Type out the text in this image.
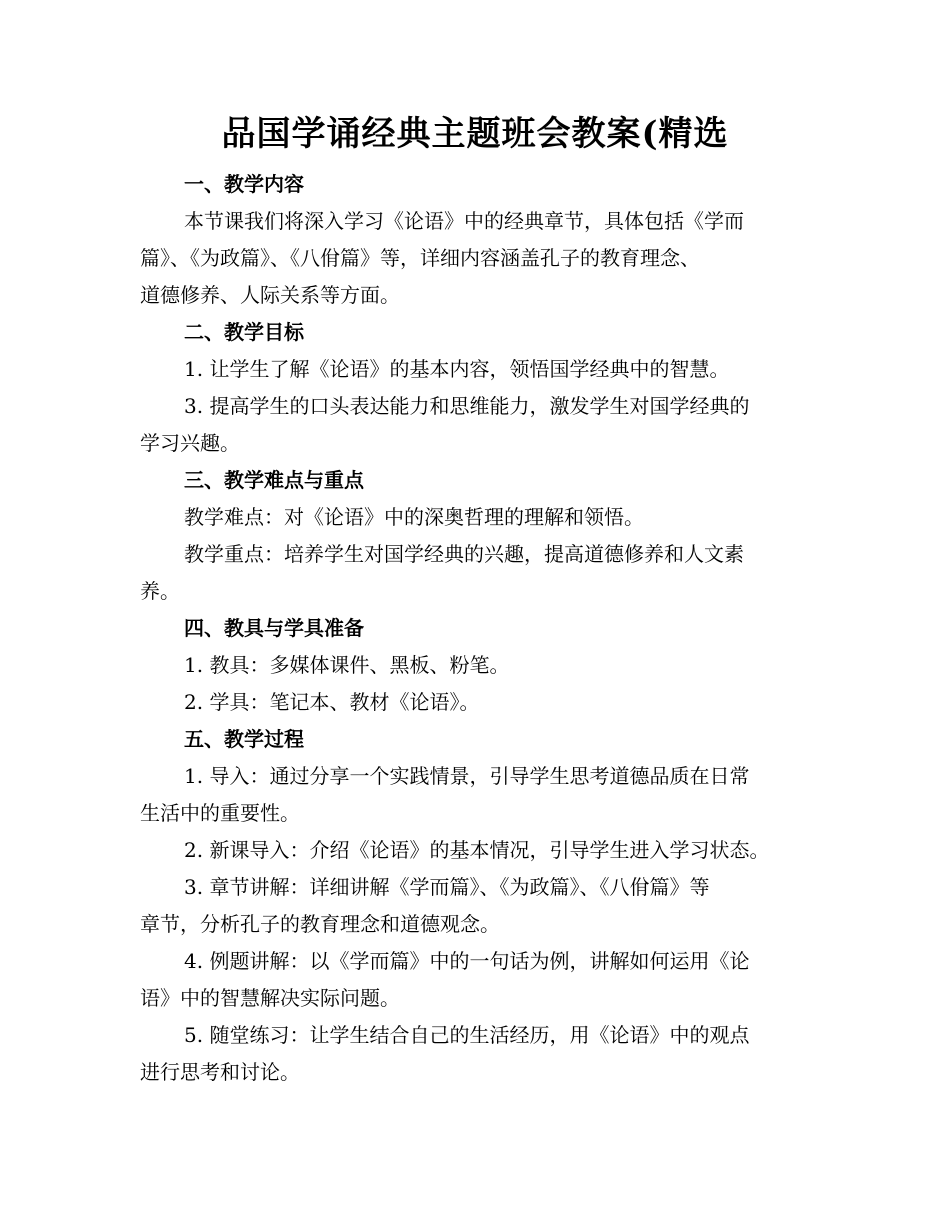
品国学诵经典主题班会教案(精选

一、教学内容

本节课我们将深入学习《论语》中的经典章节，具体包括《学而

篇》、《为政篇》、《八佾篇》等，详细内容涵盖孔子的教育理念、

道德修养、人际关系等方面。

二、教学目标

1. 让学生了解《论语》的基本内容，领悟国学经典中的智慧。

3. 提高学生的口头表达能力和思维能力，激发学生对国学经典的

学习兴趣。

三、教学难点与重点

教学难点：对《论语》中的深奥哲理的理解和领悟。

教学重点：培养学生对国学经典的兴趣，提高道德修养和人文素

养。

四、教具与学具准备

1. 教具：多媒体课件、黑板、粉笔。

2. 学具：笔记本、教材《论语》。

五、教学过程

1. 导入：通过分享一个实践情景，引导学生思考道德品质在日常

生活中的重要性。

2. 新课导入：介绍《论语》的基本情况，引导学生进入学习状态。

3. 章节讲解：详细讲解《学而篇》、《为政篇》、《八佾篇》等

章节，分析孔子的教育理念和道德观念。

4. 例题讲解：以《学而篇》中的一句话为例，讲解如何运用《论

语》中的智慧解决实际问题。

5. 随堂练习：让学生结合自己的生活经历，用《论语》中的观点

进行思考和讨论。
